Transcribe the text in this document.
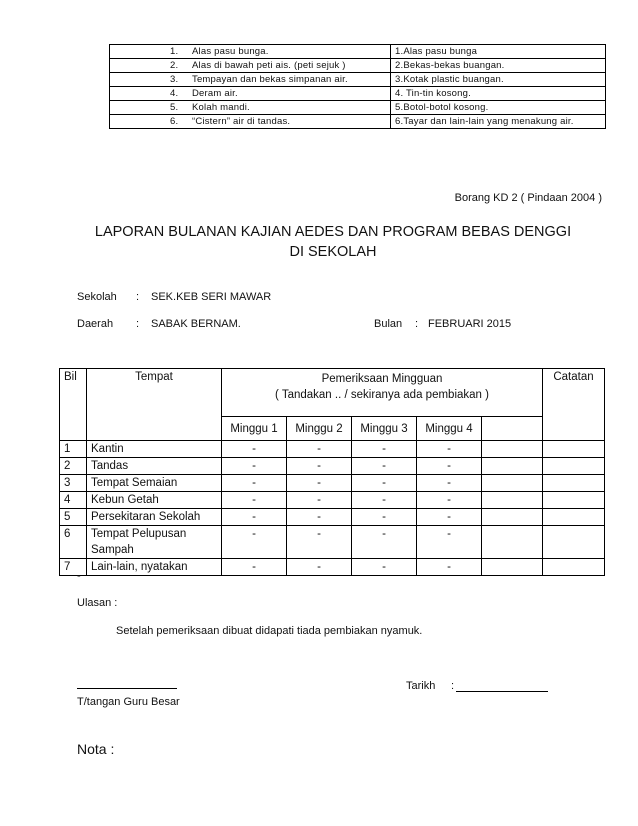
1. Alas pasu bunga.	1.Alas pasu bunga
2. Alas di bawah peti ais. (peti sejuk )	2.Bekas-bekas buangan.
3. Tempayan dan bekas simpanan air.	3.Kotak plastic buangan.
4. Deram air.	4. Tin-tin kosong.
5. Kolah mandi.	5.Botol-botol kosong.
6. “Cistern” air di tandas.	6.Tayar dan lain-lain yang menakung air.
Borang KD 2 ( Pindaan 2004 )
LAPORAN BULANAN KAJIAN AEDES DAN PROGRAM BEBAS DENGGI
DI SEKOLAH
Sekolah : SEK.KEB SERI MAWAR
Daerah : SABAK BERNAM.	Bulan : FEBRUARI 2015
Bil	Tempat	Pemeriksaan Mingguan
( Tandakan .. / sekiranya ada pembiakan )					Catatan
		Minggu 1	Minggu 2	Minggu 3	Minggu 4		
1	Kantin	-	-	-	-		
2	Tandas	-	-	-	-		
3	Tempat Semaian	-	-	-	-		
4	Kebun Getah	-	-	-	-		
5	Persekitaran Sekolah	-	-	-	-		
6	Tempat Pelupusan
Sampah	-	-	-	-		
7	Lain-lain, nyatakan	-	-	-	-		
-
Ulasan :
Setelah pemeriksaan dibuat didapati tiada pembiakan nyamuk.
T/tangan Guru Besar
Tarikh :
Nota :
